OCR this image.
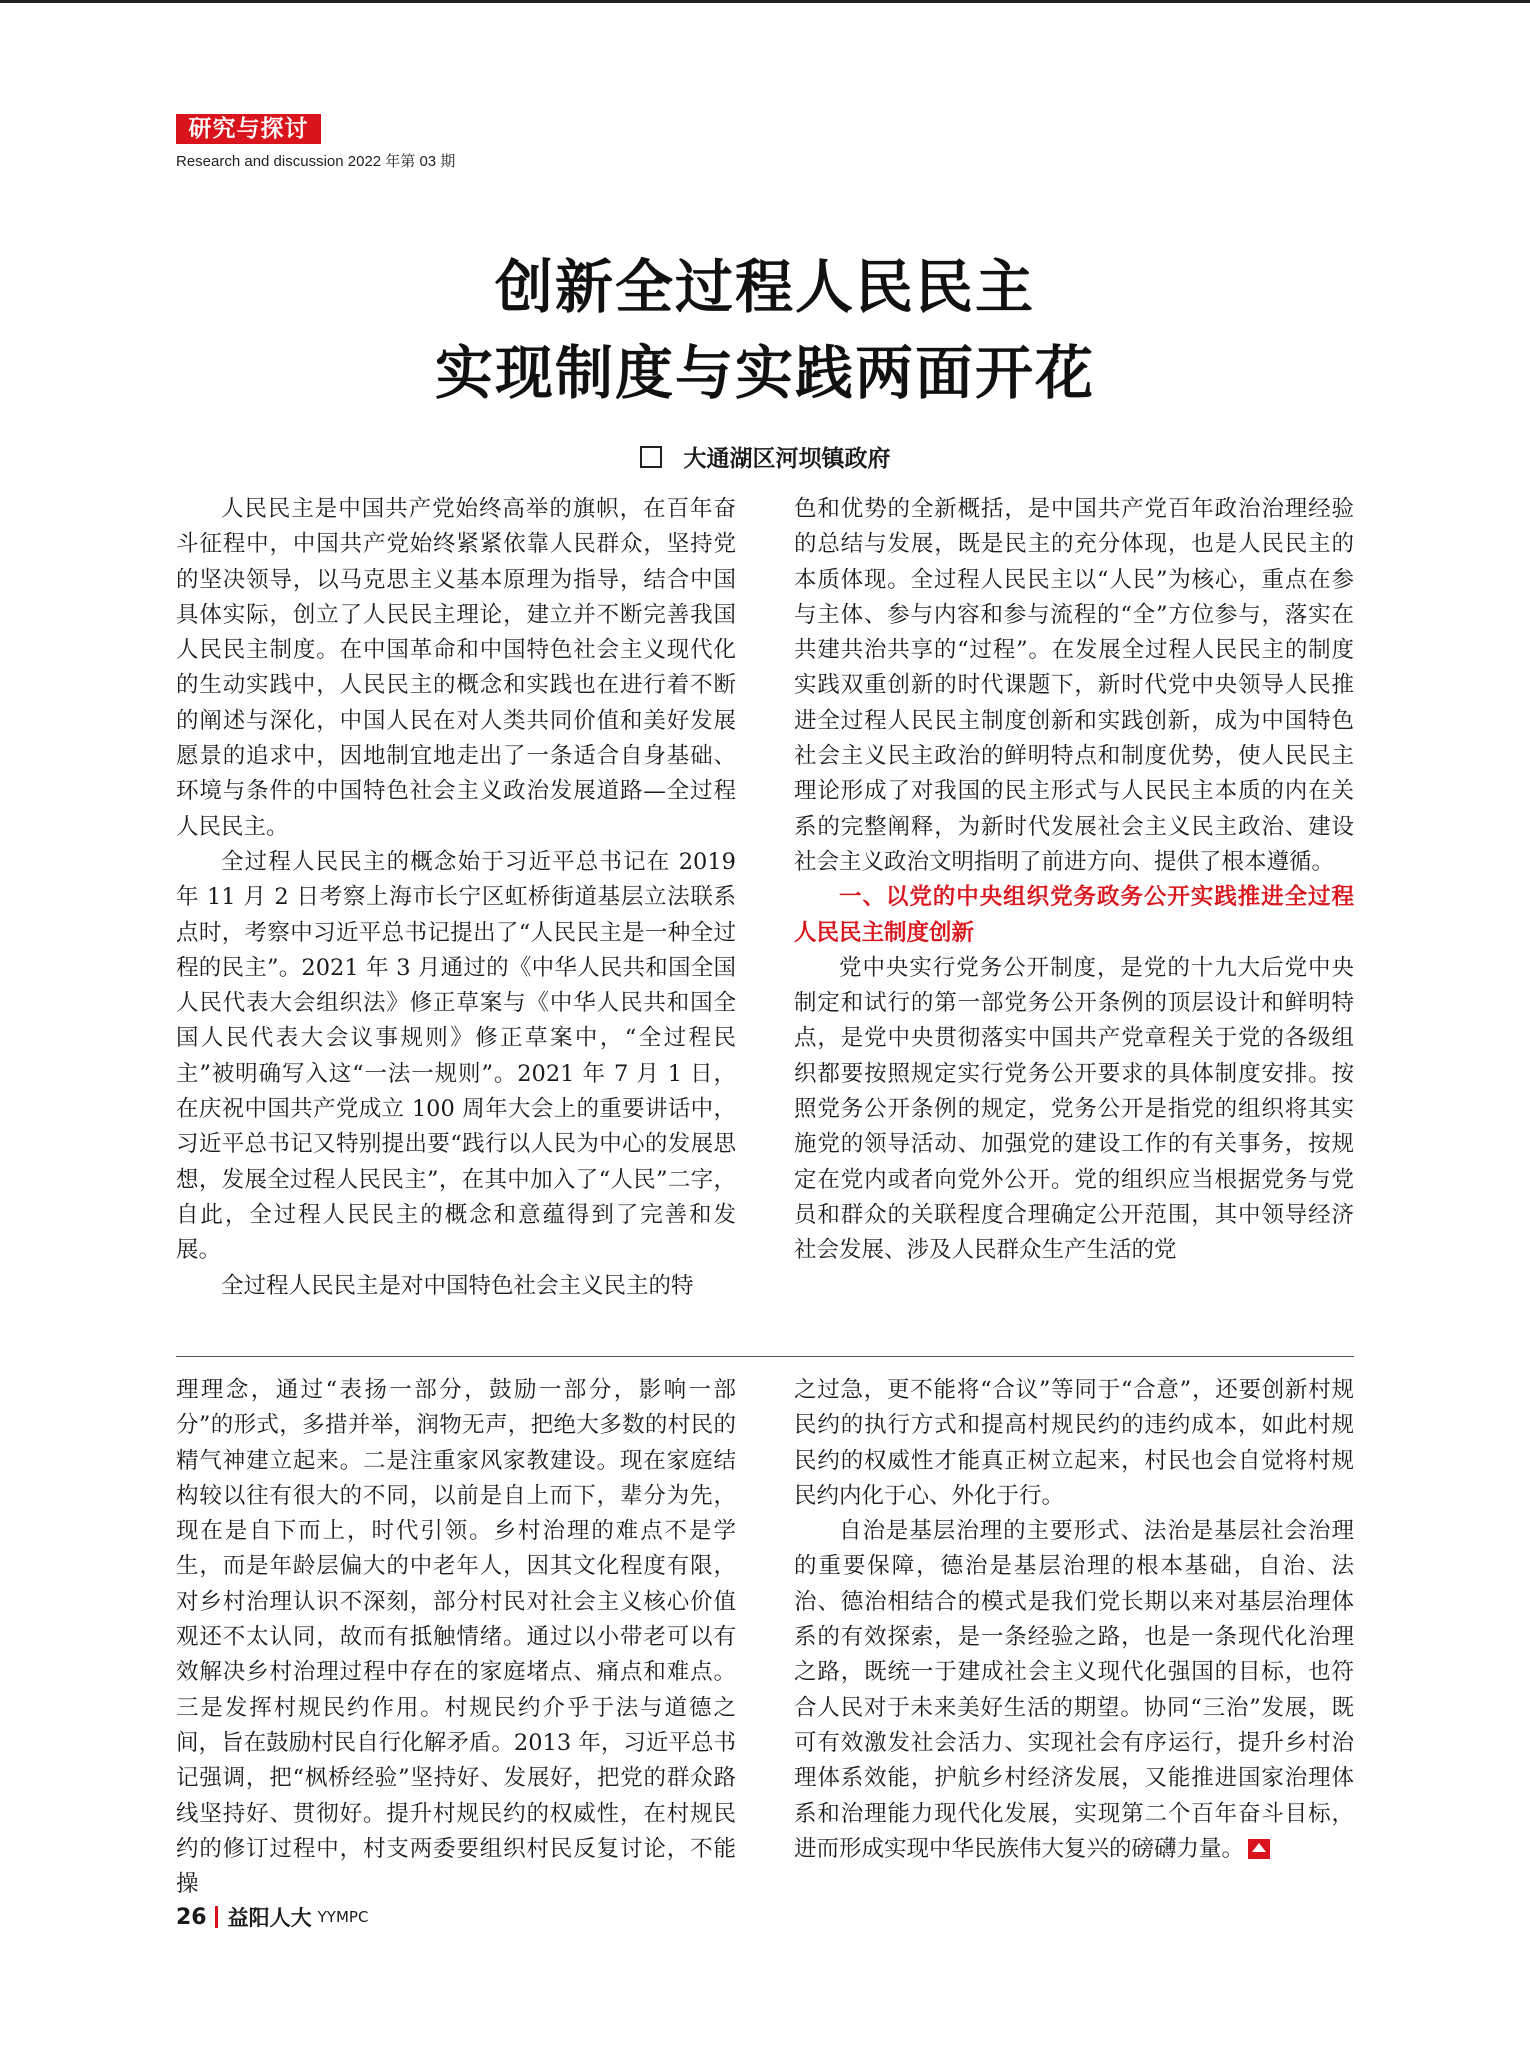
研究与探讨
Research and discussion 2022 年第 03 期
创新全过程人民民主
实现制度与实践两面开花
大通湖区河坝镇政府

人民民主是中国共产党始终高举的旗帜，在百年奋斗征程中，中国共产党始终紧紧依靠人民群众，坚持党的坚决领导，以马克思主义基本原理为指导，结合中国具体实际，创立了人民民主理论，建立并不断完善我国人民民主制度。在中国革命和中国特色社会主义现代化的生动实践中，人民民主的概念和实践也在进行着不断的阐述与深化，中国人民在对人类共同价值和美好发展愿景的追求中，因地制宜地走出了一条适合自身基础、环境与条件的中国特色社会主义政治发展道路—全过程人民民主。

全过程人民民主的概念始于习近平总书记在 2019 年 11 月 2 日考察上海市长宁区虹桥街道基层立法联系点时，考察中习近平总书记提出了“人民民主是一种全过程的民主”。2021 年 3 月通过的《中华人民共和国全国人民代表大会组织法》修正草案与《中华人民共和国全国人民代表大会议事规则》修正草案中，“全过程民主”被明确写入这“一法一规则”。2021 年 7 月 1 日，在庆祝中国共产党成立 100 周年大会上的重要讲话中，习近平总书记又特别提出要“践行以人民为中心的发展思想，发展全过程人民民主”，在其中加入了“人民”二字，自此，全过程人民民主的概念和意蕴得到了完善和发展。

全过程人民民主是对中国特色社会主义民主的特

色和优势的全新概括，是中国共产党百年政治治理经验的总结与发展，既是民主的充分体现，也是人民民主的本质体现。全过程人民民主以“人民”为核心，重点在参与主体、参与内容和参与流程的“全”方位参与，落实在共建共治共享的“过程”。在发展全过程人民民主的制度实践双重创新的时代课题下，新时代党中央领导人民推进全过程人民民主制度创新和实践创新，成为中国特色社会主义民主政治的鲜明特点和制度优势，使人民民主理论形成了对我国的民主形式与人民民主本质的内在关系的完整阐释，为新时代发展社会主义民主政治、建设社会主义政治文明指明了前进方向、提供了根本遵循。

一、以党的中央组织党务政务公开实践推进全过程人民民主制度创新

党中央实行党务公开制度，是党的十九大后党中央制定和试行的第一部党务公开条例的顶层设计和鲜明特点，是党中央贯彻落实中国共产党章程关于党的各级组织都要按照规定实行党务公开要求的具体制度安排。按照党务公开条例的规定，党务公开是指党的组织将其实施党的领导活动、加强党的建设工作的有关事务，按规定在党内或者向党外公开。党的组织应当根据党务与党员和群众的关联程度合理确定公开范围，其中领导经济社会发展、涉及人民群众生产生活的党

理理念，通过“表扬一部分，鼓励一部分，影响一部分”的形式，多措并举，润物无声，把绝大多数的村民的精气神建立起来。二是注重家风家教建设。现在家庭结构较以往有很大的不同，以前是自上而下，辈分为先，现在是自下而上，时代引领。乡村治理的难点不是学生，而是年龄层偏大的中老年人，因其文化程度有限，对乡村治理认识不深刻，部分村民对社会主义核心价值观还不太认同，故而有抵触情绪。通过以小带老可以有效解决乡村治理过程中存在的家庭堵点、痛点和难点。三是发挥村规民约作用。村规民约介乎于法与道德之间，旨在鼓励村民自行化解矛盾。2013 年，习近平总书记强调，把“枫桥经验”坚持好、发展好，把党的群众路线坚持好、贯彻好。提升村规民约的权威性，在村规民约的修订过程中，村支两委要组织村民反复讨论，不能操

之过急，更不能将“合议”等同于“合意”，还要创新村规民约的执行方式和提高村规民约的违约成本，如此村规民约的权威性才能真正树立起来，村民也会自觉将村规民约内化于心、外化于行。

自治是基层治理的主要形式、法治是基层社会治理的重要保障，德治是基层治理的根本基础，自治、法治、德治相结合的模式是我们党长期以来对基层治理体系的有效探索，是一条经验之路，也是一条现代化治理之路，既统一于建成社会主义现代化强国的目标，也符合人民对于未来美好生活的期望。协同“三治”发展，既可有效激发社会活力、实现社会有序运行，提升乡村治理体系效能，护航乡村经济发展，又能推进国家治理体系和治理能力现代化发展，实现第二个百年奋斗目标，进而形成实现中华民族伟大复兴的磅礴力量。

26 益阳人大 YYMPC
